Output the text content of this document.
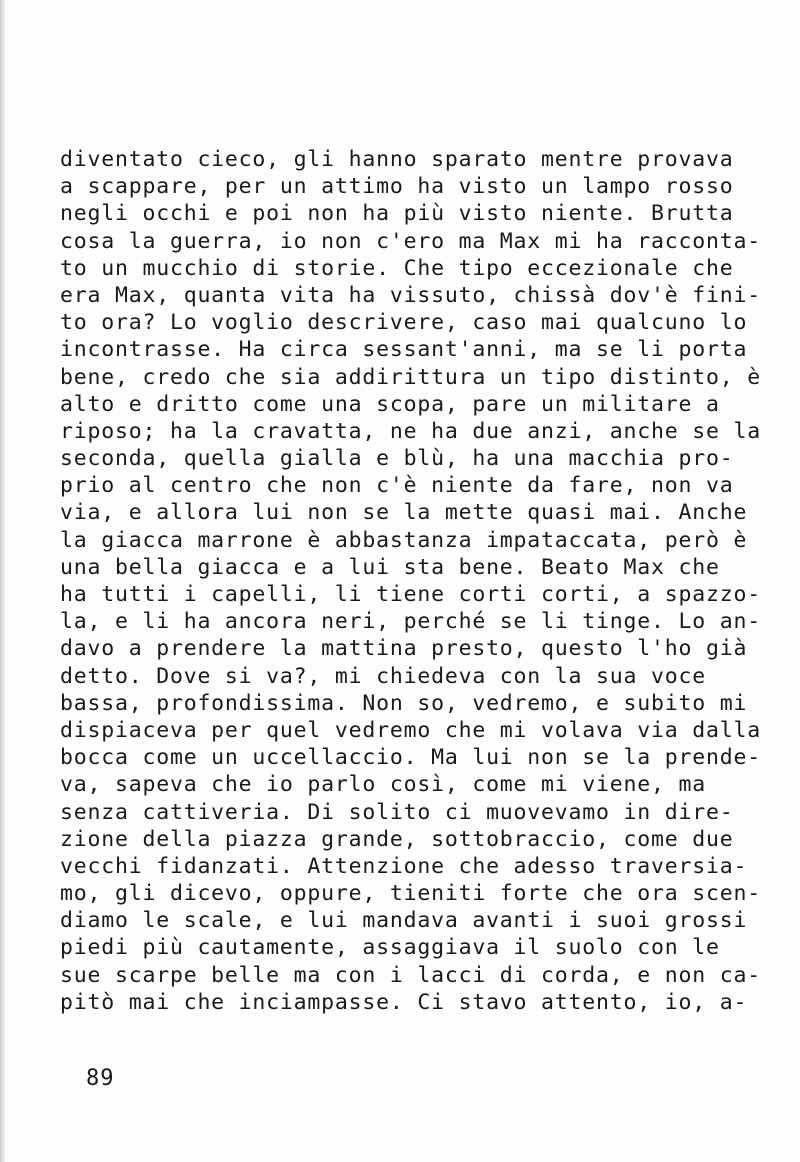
diventato cieco, gli hanno sparato mentre provava
a scappare, per un attimo ha visto un lampo rosso
negli occhi e poi non ha più visto niente. Brutta
cosa la guerra, io non c'ero ma Max mi ha racconta-
to un mucchio di storie. Che tipo eccezionale che
era Max, quanta vita ha vissuto, chissà dov'è fini-
to ora? Lo voglio descrivere, caso mai qualcuno lo
incontrasse. Ha circa sessant'anni, ma se li porta
bene, credo che sia addirittura un tipo distinto, è
alto e dritto come una scopa, pare un militare a
riposo; ha la cravatta, ne ha due anzi, anche se la
seconda, quella gialla e blù, ha una macchia pro-
prio al centro che non c'è niente da fare, non va
via, e allora lui non se la mette quasi mai. Anche
la giacca marrone è abbastanza impataccata, però è
una bella giacca e a lui sta bene. Beato Max che
ha tutti i capelli, li tiene corti corti, a spazzo-
la, e li ha ancora neri, perché se li tinge. Lo an-
davo a prendere la mattina presto, questo l'ho già
detto. Dove si va?, mi chiedeva con la sua voce
bassa, profondissima. Non so, vedremo, e subito mi
dispiaceva per quel vedremo che mi volava via dalla
bocca come un uccellaccio. Ma lui non se la prende-
va, sapeva che io parlo così, come mi viene, ma
senza cattiveria. Di solito ci muovevamo in dire-
zione della piazza grande, sottobraccio, come due
vecchi fidanzati. Attenzione che adesso traversia-
mo, gli dicevo, oppure, tieniti forte che ora scen-
diamo le scale, e lui mandava avanti i suoi grossi
piedi più cautamente, assaggiava il suolo con le
sue scarpe belle ma con i lacci di corda, e non ca-
pitò mai che inciampasse. Ci stavo attento, io, a-
89
